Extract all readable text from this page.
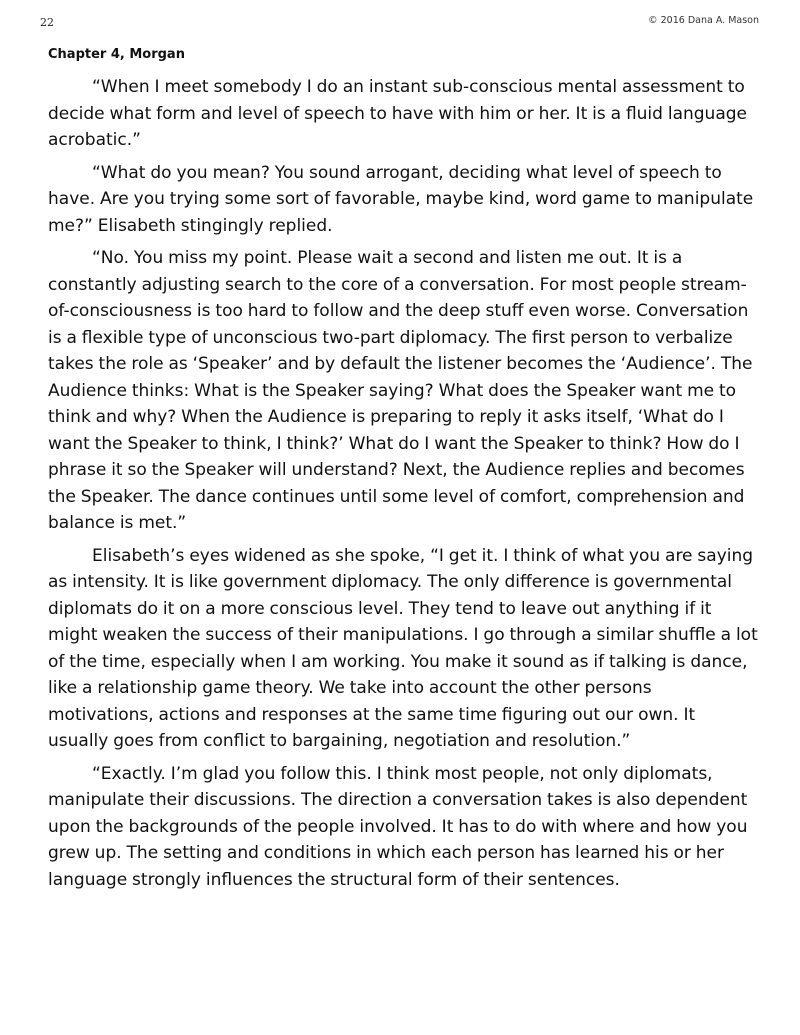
22	© 2016 Dana A. Mason
Chapter 4, Morgan

“When I meet somebody I do an instant sub-conscious mental assessment to decide what form and level of speech to have with him or her. It is a fluid language acrobatic.”

“What do you mean? You sound arrogant, deciding what level of speech to have. Are you trying some sort of favorable, maybe kind, word game to manipulate me?” Elisabeth stingingly replied.

“No. You miss my point. Please wait a second and listen me out. It is a constantly adjusting search to the core of a conversation. For most people stream-of-consciousness is too hard to follow and the deep stuff even worse. Conversation is a flexible type of unconscious two-part diplomacy. The first person to verbalize takes the role as ‘Speaker’ and by default the listener becomes the ‘Audience’. The Audience thinks: What is the Speaker saying? What does the Speaker want me to think and why? When the Audience is preparing to reply it asks itself, ‘What do I want the Speaker to think, I think?’ What do I want the Speaker to think? How do I phrase it so the Speaker will understand? Next, the Audience replies and becomes the Speaker. The dance continues until some level of comfort, comprehension and balance is met.”

Elisabeth’s eyes widened as she spoke, “I get it. I think of what you are saying as intensity. It is like government diplomacy. The only difference is governmental diplomats do it on a more conscious level. They tend to leave out anything if it might weaken the success of their manipulations. I go through a similar shuffle a lot of the time, especially when I am working. You make it sound as if talking is dance, like a relationship game theory. We take into account the other persons motivations, actions and responses at the same time figuring out our own. It usually goes from conflict to bargaining, negotiation and resolution.”

“Exactly. I’m glad you follow this. I think most people, not only diplomats, manipulate their discussions. The direction a conversation takes is also dependent upon the backgrounds of the people involved. It has to do with where and how you grew up. The setting and conditions in which each person has learned his or her language strongly influences the structural form of their sentences.
